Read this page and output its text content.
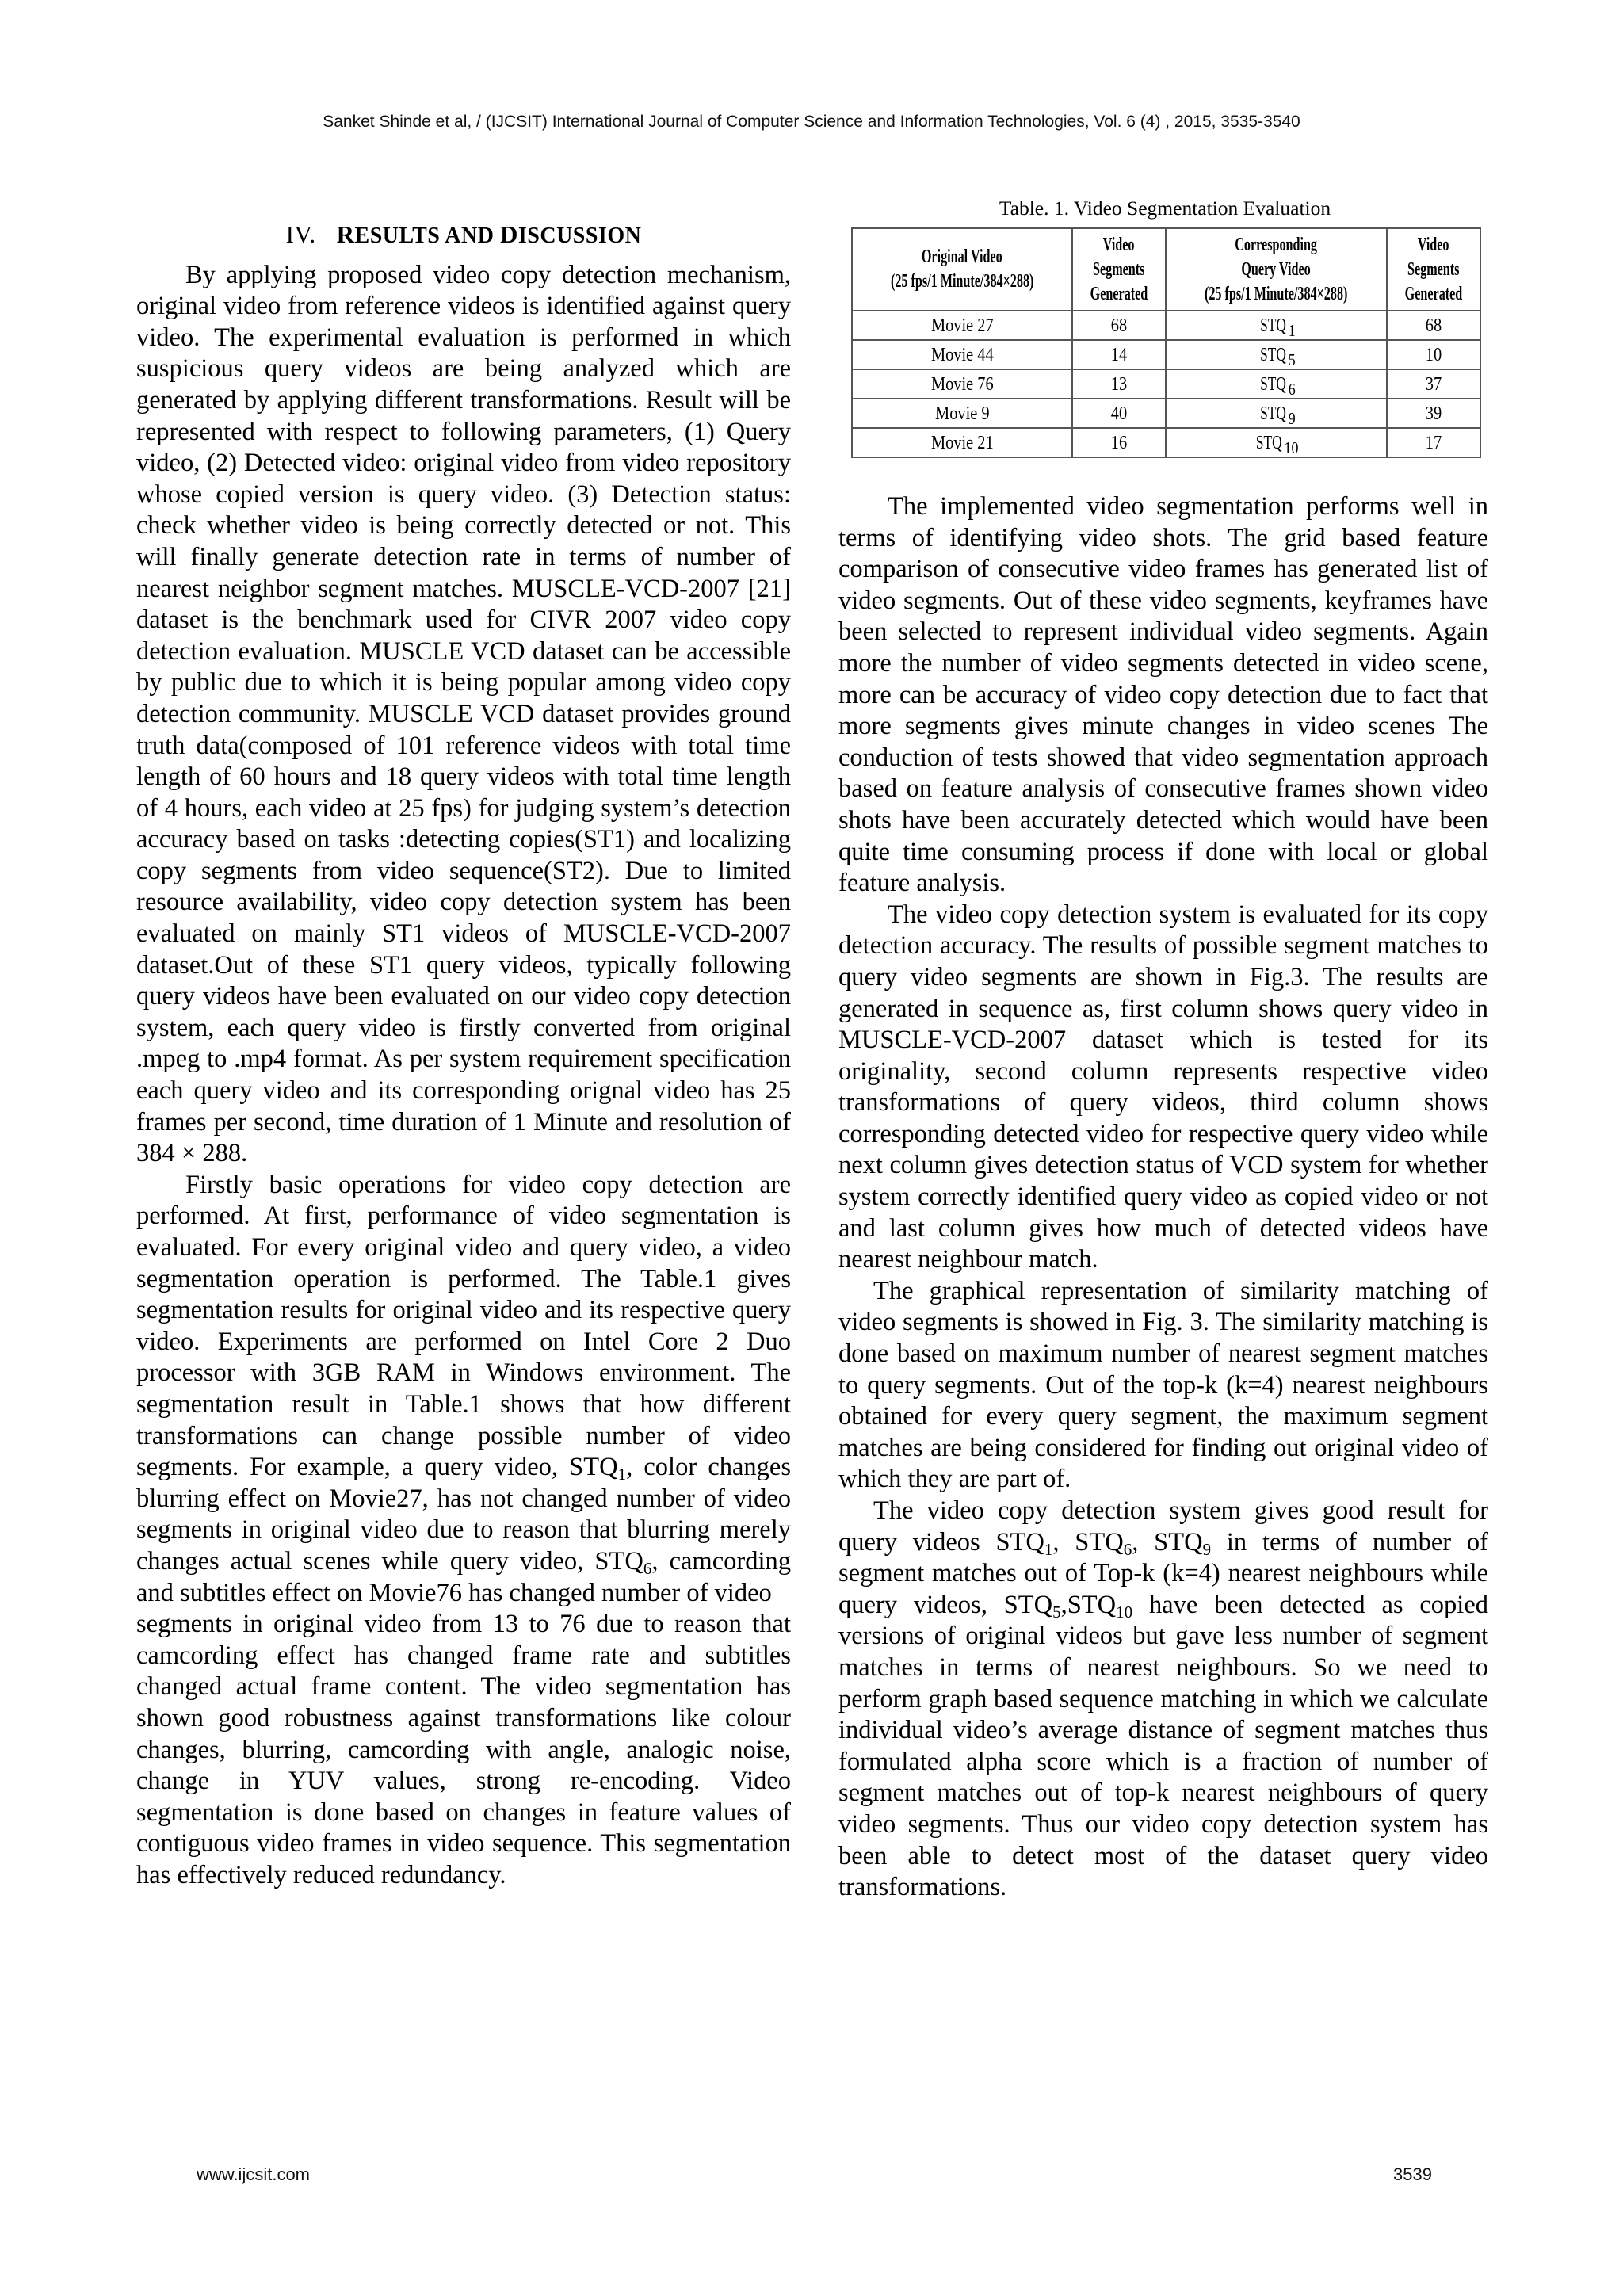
Sanket Shinde et al, / (IJCSIT) International Journal of Computer Science and Information Technologies, Vol. 6 (4) , 2015, 3535-3540
IV. RESULTS AND DISCUSSION

By applying proposed video copy detection mechanism, original video from reference videos is identified against query video. The experimental evaluation is performed in which suspicious query videos are being analyzed which are generated by applying different transformations. Result will be represented with respect to following parameters, (1) Query video, (2) Detected video: original video from video repository whose copied version is query video. (3) Detection status: check whether video is being correctly detected or not. This will finally generate detection rate in terms of number of nearest neighbor segment matches. MUSCLE-VCD-2007 [21] dataset is the benchmark used for CIVR 2007 video copy detection evaluation. MUSCLE VCD dataset can be accessible by public due to which it is being popular among video copy detection community. MUSCLE VCD dataset provides ground truth data(composed of 101 reference videos with total time length of 60 hours and 18 query videos with total time length of 4 hours, each video at 25 fps) for judging system’s detection accuracy based on tasks :detecting copies(ST1) and localizing copy segments from video sequence(ST2). Due to limited resource availability, video copy detection system has been evaluated on mainly ST1 videos of MUSCLE-VCD-2007 dataset.Out of these ST1 query videos, typically following query videos have been evaluated on our video copy detection system, each query video is firstly converted from original .mpeg to .mp4 format. As per system requirement specification each query video and its corresponding orignal video has 25 frames per second, time duration of 1 Minute and resolution of 384 × 288.

Firstly basic operations for video copy detection are performed. At first, performance of video segmentation is evaluated. For every original video and query video, a video segmentation operation is performed. The Table.1 gives segmentation results for original video and its respective query video. Experiments are performed on Intel Core 2 Duo processor with 3GB RAM in Windows environment. The segmentation result in Table.1 shows that how different transformations can change possible number of video segments. For example, a query video, $STQ_1$, color changes blurring effect on Movie27, has not changed number of video segments in original video due to reason that blurring merely changes actual scenes while query video, $STQ_6$, camcording and subtitles effect on Movie76 has changed number of video

segments in original video from 13 to 76 due to reason that camcording effect has changed frame rate and subtitles changed actual frame content. The video segmentation has shown good robustness against transformations like colour changes, blurring, camcording with angle, analogic noise, change in YUV values, strong re-encoding. Video segmentation is done based on changes in feature values of contiguous video frames in video sequence. This segmentation has effectively reduced redundancy.

Table. 1. Video Segmentation Evaluation
Original Video
(25 fps/1 Minute/384×288)	Video
Segments
Generated	Corresponding
Query Video
(25 fps/1 Minute/384×288)	Video
Segments
Generated
Movie 27	68	STQ $_1$	68
Movie 44	14	STQ $_5$	10
Movie 76	13	STQ $_6$	37
Movie 9	40	STQ $_9$	39
Movie 21	16	STQ $_{10}$	17

The implemented video segmentation performs well in terms of identifying video shots. The grid based feature comparison of consecutive video frames has generated list of video segments. Out of these video segments, keyframes have been selected to represent individual video segments. Again more the number of video segments detected in video scene, more can be accuracy of video copy detection due to fact that more segments gives minute changes in video scenes The conduction of tests showed that video segmentation approach based on feature analysis of consecutive frames shown video shots have been accurately detected which would have been quite time consuming process if done with local or global feature analysis.

The video copy detection system is evaluated for its copy detection accuracy. The results of possible segment matches to query video segments are shown in Fig.3. The results are generated in sequence as, first column shows query video in MUSCLE-VCD-2007 dataset which is tested for its originality, second column represents respective video transformations of query videos, third column shows corresponding detected video for respective query video while next column gives detection status of VCD system for whether system correctly identified query video as copied video or not and last column gives how much of detected videos have nearest neighbour match.

The graphical representation of similarity matching of video segments is showed in Fig. 3. The similarity matching is done based on maximum number of nearest segment matches to query segments. Out of the top-k (k=4) nearest neighbours obtained for every query segment, the maximum segment matches are being considered for finding out original video of which they are part of.

The video copy detection system gives good result for query videos $STQ_1$, $STQ_6$, $STQ_9$ in terms of number of segment matches out of Top-k (k=4) nearest neighbours while query videos, $STQ_5,STQ_{10}$ have been detected as copied versions of original videos but gave less number of segment matches in terms of nearest neighbours. So we need to perform graph based sequence matching in which we calculate individual video’s average distance of segment matches thus formulated alpha score which is a fraction of number of segment matches out of top-k nearest neighbours of query video segments. Thus our video copy detection system has been able to detect most of the dataset query video transformations.

www.ijcsit.com	3539
